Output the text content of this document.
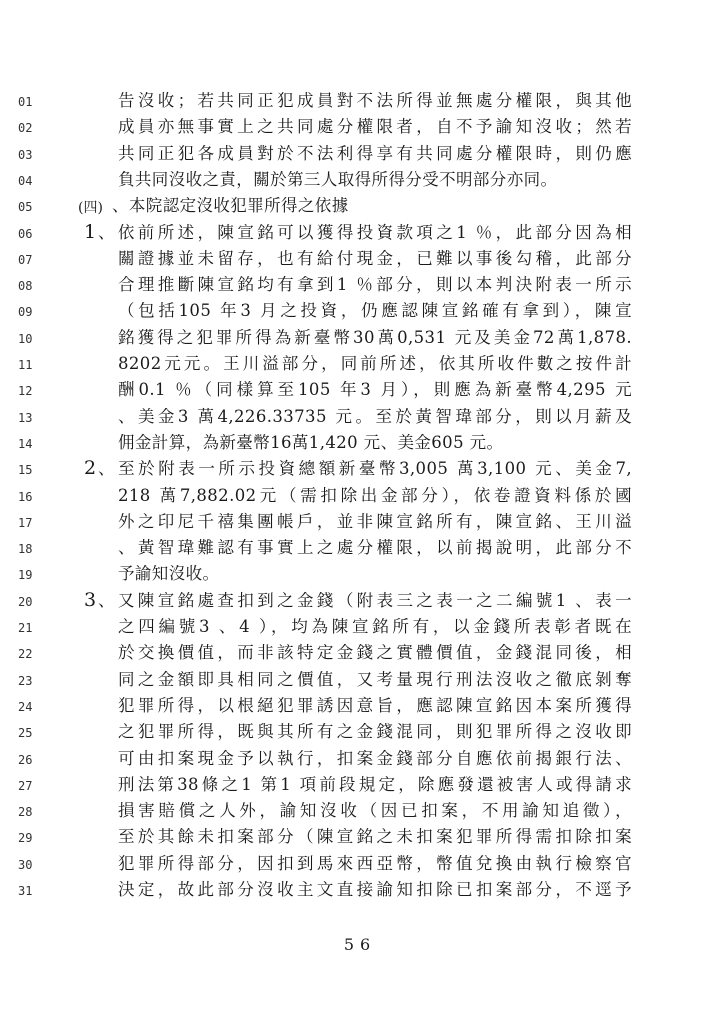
56
01	告沒收；若共同正犯成員對不法所得並無處分權限，與其他
02	成員亦無事實上之共同處分權限者，自不予諭知沒收；然若
03	共同正犯各成員對於不法利得享有共同處分權限時，則仍應
04	負共同沒收之責，關於第三人取得所得分受不明部分亦同。
05	(四) 、本院認定沒收犯罪所得之依據
06	1 、依前所述，陳宣銘可以獲得投資款項之1 ％，此部分因為相
07	關證據並未留存，也有給付現金，已難以事後勾稽，此部分
08	合理推斷陳宣銘均有拿到1 ％部分，則以本判決附表一所示
09	（包括105 年3 月之投資，仍應認陳宣銘確有拿到），陳宣
10	銘獲得之犯罪所得為新臺幣30萬0,531 元及美金72萬1,878.
11	8202元元。王川溢部分，同前所述，依其所收件數之按件計
12	酬0.1 ％（同樣算至105 年3 月），則應為新臺幣4,295 元
13	、美金3 萬4,226.33735 元。至於黃智瑋部分，則以月薪及
14	佣金計算，為新臺幣16萬1,420 元、美金605 元。
15	2 、至於附表一所示投資總額新臺幣3,005 萬3,100 元、美金7,
16	218 萬7,882.02元（需扣除出金部分），依卷證資料係於國
17	外之印尼千禧集團帳戶，並非陳宣銘所有，陳宣銘、王川溢
18	、黃智瑋難認有事實上之處分權限，以前揭說明，此部分不
19	予諭知沒收。
20	3 、又陳宣銘處查扣到之金錢（附表三之表一之二編號1 、表一
21	之四編號3 、4 ），均為陳宣銘所有，以金錢所表彰者既在
22	於交換價值，而非該特定金錢之實體價值，金錢混同後，相
23	同之金額即具相同之價值，又考量現行刑法沒收之徹底剝奪
24	犯罪所得，以根絕犯罪誘因意旨，應認陳宣銘因本案所獲得
25	之犯罪所得，既與其所有之金錢混同，則犯罪所得之沒收即
26	可由扣案現金予以執行，扣案金錢部分自應依前揭銀行法、
27	刑法第38條之1 第1 項前段規定，除應發還被害人或得請求
28	損害賠償之人外，諭知沒收（因已扣案，不用諭知追徵），
29	至於其餘未扣案部分（陳宣銘之未扣案犯罪所得需扣除扣案
30	犯罪所得部分，因扣到馬來西亞幣，幣值兌換由執行檢察官
31	決定，故此部分沒收主文直接諭知扣除已扣案部分，不逕予
